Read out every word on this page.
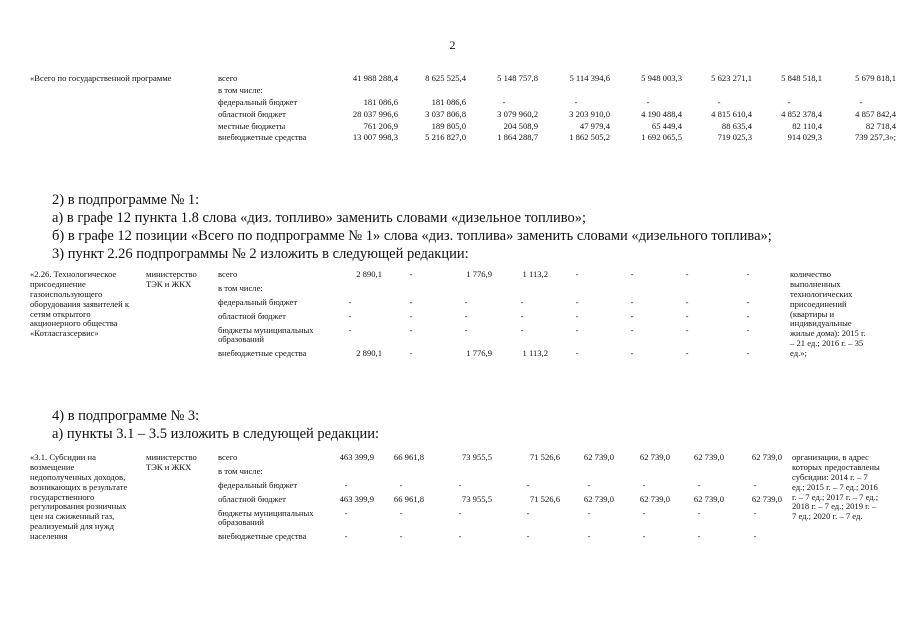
2
«Всего по государственной программе	всего	41 988 288,4	8 625 525,4	5 148 757,8	5 114 394,6	5 948 003,3	5 623 271,1	5 848 518,1	5 679 818,1
	в том числе:								
	федеральный бюджет	181 086,6	181 086,6	-	-	-	-	-	-
	областной бюджет	28 037 996,6	3 037 806,8	3 079 960,2	3 203 910,0	4 190 488,4	4 815 610,4	4 852 378,4	4 857 842,4
	местные бюджеты	761 206,9	189 805,0	204 508,9	47 979,4	65 449,4	88 635,4	82 110,4	82 718,4
	внебюджетные средства	13 007 998,3	5 216 827,0	1 864 288,7	1 862 505,2	1 692 065,5	719 025,3	914 029,3	739 257,3»;
2) в подпрограмме № 1:
а) в графе 12 пункта 1.8 слова «диз. топливо» заменить словами «дизельное топливо»;
б) в графе 12 позиции «Всего по подпрограмме № 1» слова «диз. топлива» заменить словами «дизельного топлива»;
3) пункт 2.26 подпрограммы № 2 изложить в следующей редакции:
«2.26. Технологическое присоединение газоиспользующего оборудования заявителей к сетям открытого акционерного общества «Котласгазсервис»	министерство ТЭК и ЖКХ	всего	2 890,1	-	1 776,9	1 113,2	-	-	-	-	количество выполненных технологических присоединений (квартиры и индивидуальные жилые дома): 2015 г. – 21 ед.; 2016 г. – 35 ед.»;
		в том числе:									
		федеральный бюджет	-	-	-	-	-	-	-	-	
		областной бюджет	-	-	-	-	-	-	-	-	
		бюджеты муниципальных образований	-	-	-	-	-	-	-	-	
		внебюджетные средства	2 890,1	-	1 776,9	1 113,2	-	-	-	-	
4) в подпрограмме № 3:
а) пункты 3.1 – 3.5 изложить в следующей редакции:
«3.1. Субсидии на возмещение недополученных доходов, возникающих в результате государственного регулирования розничных цен на сжиженный газ, реализуемый для нужд населения	министерство ТЭК и ЖКХ	всего	463 399,9	66 961,8	73 955,5	71 526,6	62 739,0	62 739,0	62 739,0	62 739,0	организации, в адрес которых предоставлены субсидии: 2014 г. – 7 ед.; 2015 г. – 7 ед.; 2016 г. – 7 ед.; 2017 г. – 7 ед.; 2018 г. – 7 ед.; 2019 г. – 7 ед.; 2020 г. – 7 ед.
		в том числе:									
		федеральный бюджет	-	-	-	-	-	-	-	-	
		областной бюджет	463 399,9	66 961,8	73 955,5	71 526,6	62 739,0	62 739,0	62 739,0	62 739,0	
		бюджеты муниципальных образований	-	-	-	-	-	-	-	-	
		внебюджетные средства	-	-	-	-	-	-	-	-	
